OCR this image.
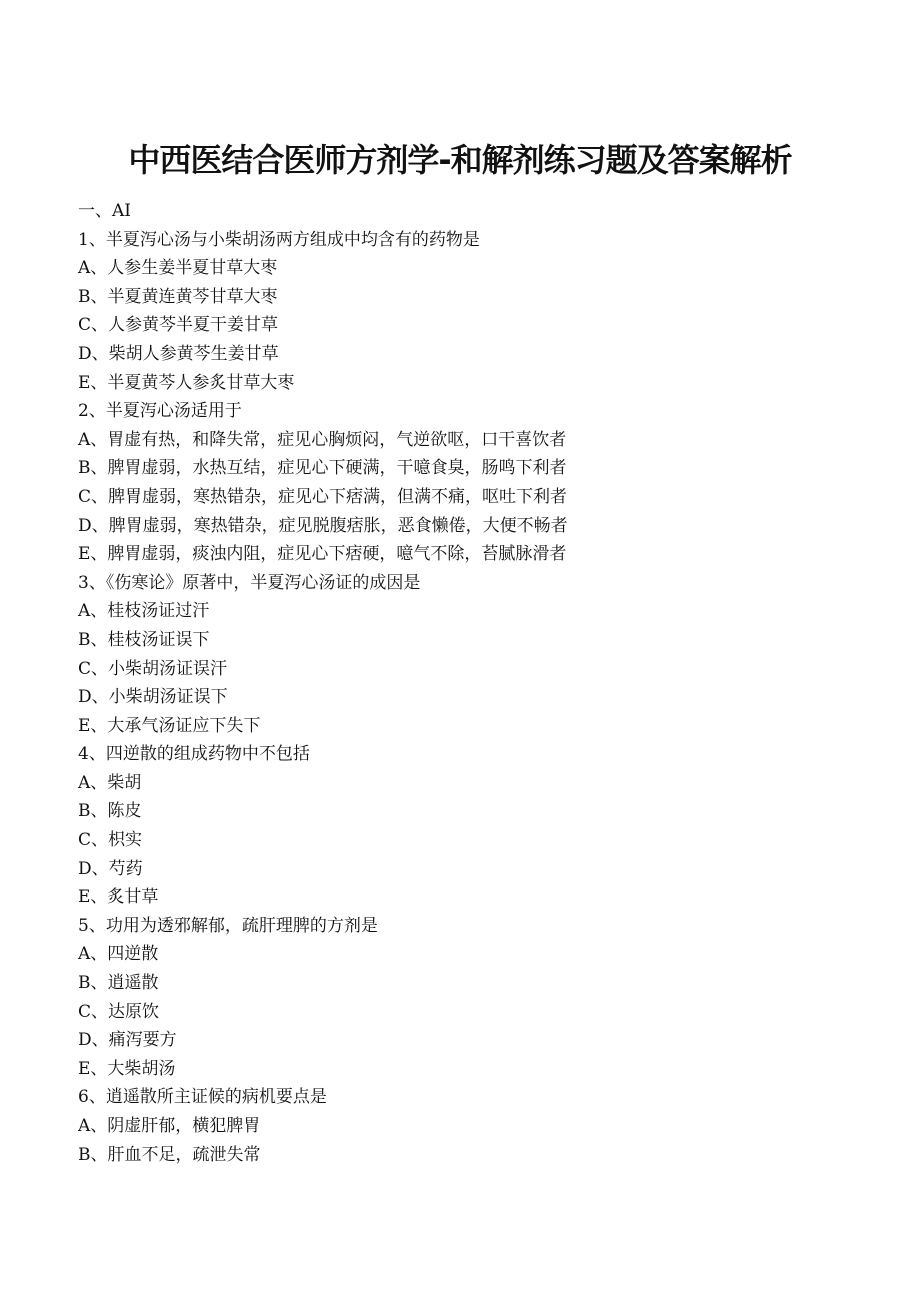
中西医结合医师方剂学-和解剂练习题及答案解析
一、AI
1、半夏泻心汤与小柴胡汤两方组成中均含有的药物是
A、人参生姜半夏甘草大枣
B、半夏黄连黄芩甘草大枣
C、人参黄芩半夏干姜甘草
D、柴胡人参黄芩生姜甘草
E、半夏黄芩人参炙甘草大枣
2、半夏泻心汤适用于
A、胃虚有热，和降失常，症见心胸烦闷，气逆欲呕，口干喜饮者
B、脾胃虚弱，水热互结，症见心下硬满，干噫食臭，肠鸣下利者
C、脾胃虚弱，寒热错杂，症见心下痞满，但满不痛，呕吐下利者
D、脾胃虚弱，寒热错杂，症见脱腹痞胀，恶食懒倦，大便不畅者
E、脾胃虚弱，痰浊内阻，症见心下痞硬，噫气不除，苔腻脉滑者
3、《伤寒论》原著中，半夏泻心汤证的成因是
A、桂枝汤证过汗
B、桂枝汤证误下
C、小柴胡汤证误汗
D、小柴胡汤证误下
E、大承气汤证应下失下
4、四逆散的组成药物中不包括
A、柴胡
B、陈皮
C、枳实
D、芍药
E、炙甘草
5、功用为透邪解郁，疏肝理脾的方剂是
A、四逆散
B、逍遥散
C、达原饮
D、痛泻要方
E、大柴胡汤
6、逍遥散所主证候的病机要点是
A、阴虚肝郁，横犯脾胃
B、肝血不足，疏泄失常
